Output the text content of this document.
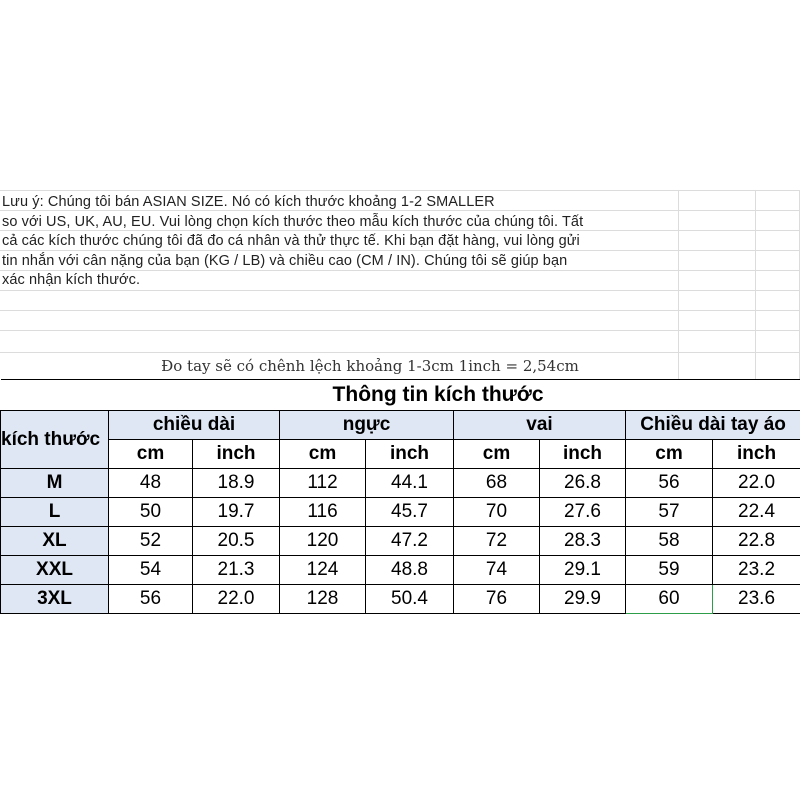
Lưu ý: Chúng tôi bán ASIAN SIZE. Nó có kích thước khoảng 1-2 SMALLER
so với US, UK, AU, EU. Vui lòng chọn kích thước theo mẫu kích thước của chúng tôi. Tất
cả các kích thước chúng tôi đã đo cá nhân và thử thực tế. Khi bạn đặt hàng, vui lòng gửi
tin nhắn với cân nặng của bạn (KG / LB) và chiều cao (CM / IN). Chúng tôi sẽ giúp bạn
xác nhận kích thước.
Đo tay sẽ có chênh lệch khoảng 1-3cm 1inch = 2,54cm
Thông tin kích thước								
kích thước	chiều dài		ngực		vai		Chiều dài tay áo	
	cm	inch	cm	inch	cm	inch	cm	inch
M	48	18.9	112	44.1	68	26.8	56	22.0
L	50	19.7	116	45.7	70	27.6	57	22.4
XL	52	20.5	120	47.2	72	28.3	58	22.8
XXL	54	21.3	124	48.8	74	29.1	59	23.2
3XL	56	22.0	128	50.4	76	29.9	60	23.6
